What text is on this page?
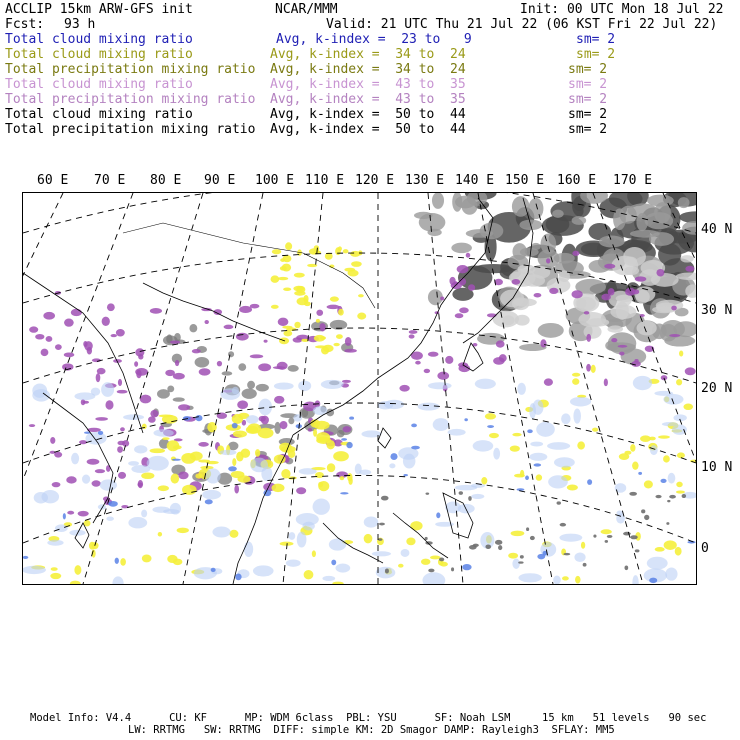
ACCLIP 15km ARW-GFS init	NCAR/MMM	Init: 00 UTC Mon 18 Jul 22
Fcst: 93 h	Valid: 21 UTC Thu 21 Jul 22 (06 KST Fri 22 Jul 22)
Total cloud mixing ratio	Avg, k-index =  23 to   9	sm= 2
Total cloud mixing ratio	Avg, k-index =  34 to  24	sm= 2
Total precipitation mixing ratio Avg, k-index =  34 to  24	sm= 2
Total cloud mixing ratio	Avg, k-index =  43 to  35	sm= 2
Total precipitation mixing ratio Avg, k-index =  43 to  35	sm= 2
Total cloud mixing ratio	Avg, k-index =  50 to  44	sm= 2
Total precipitation mixing ratio Avg, k-index =  50 to  44	sm= 2
60 E 70 E 80 E 90 E 100 E 110 E 120 E 130 E 140 E 150 E 160 E 170 E
40 N
30 N
20 N
10 N
0
Model Info: V4.4      CU: KF      MP: WDM 6class  PBL: YSU      SF: Noah LSM     15 km   51 levels   90 sec
LW: RRTMG   SW: RRTMG  DIFF: simple KM: 2D Smagor DAMP: Rayleigh3  SFLAY: MM5
